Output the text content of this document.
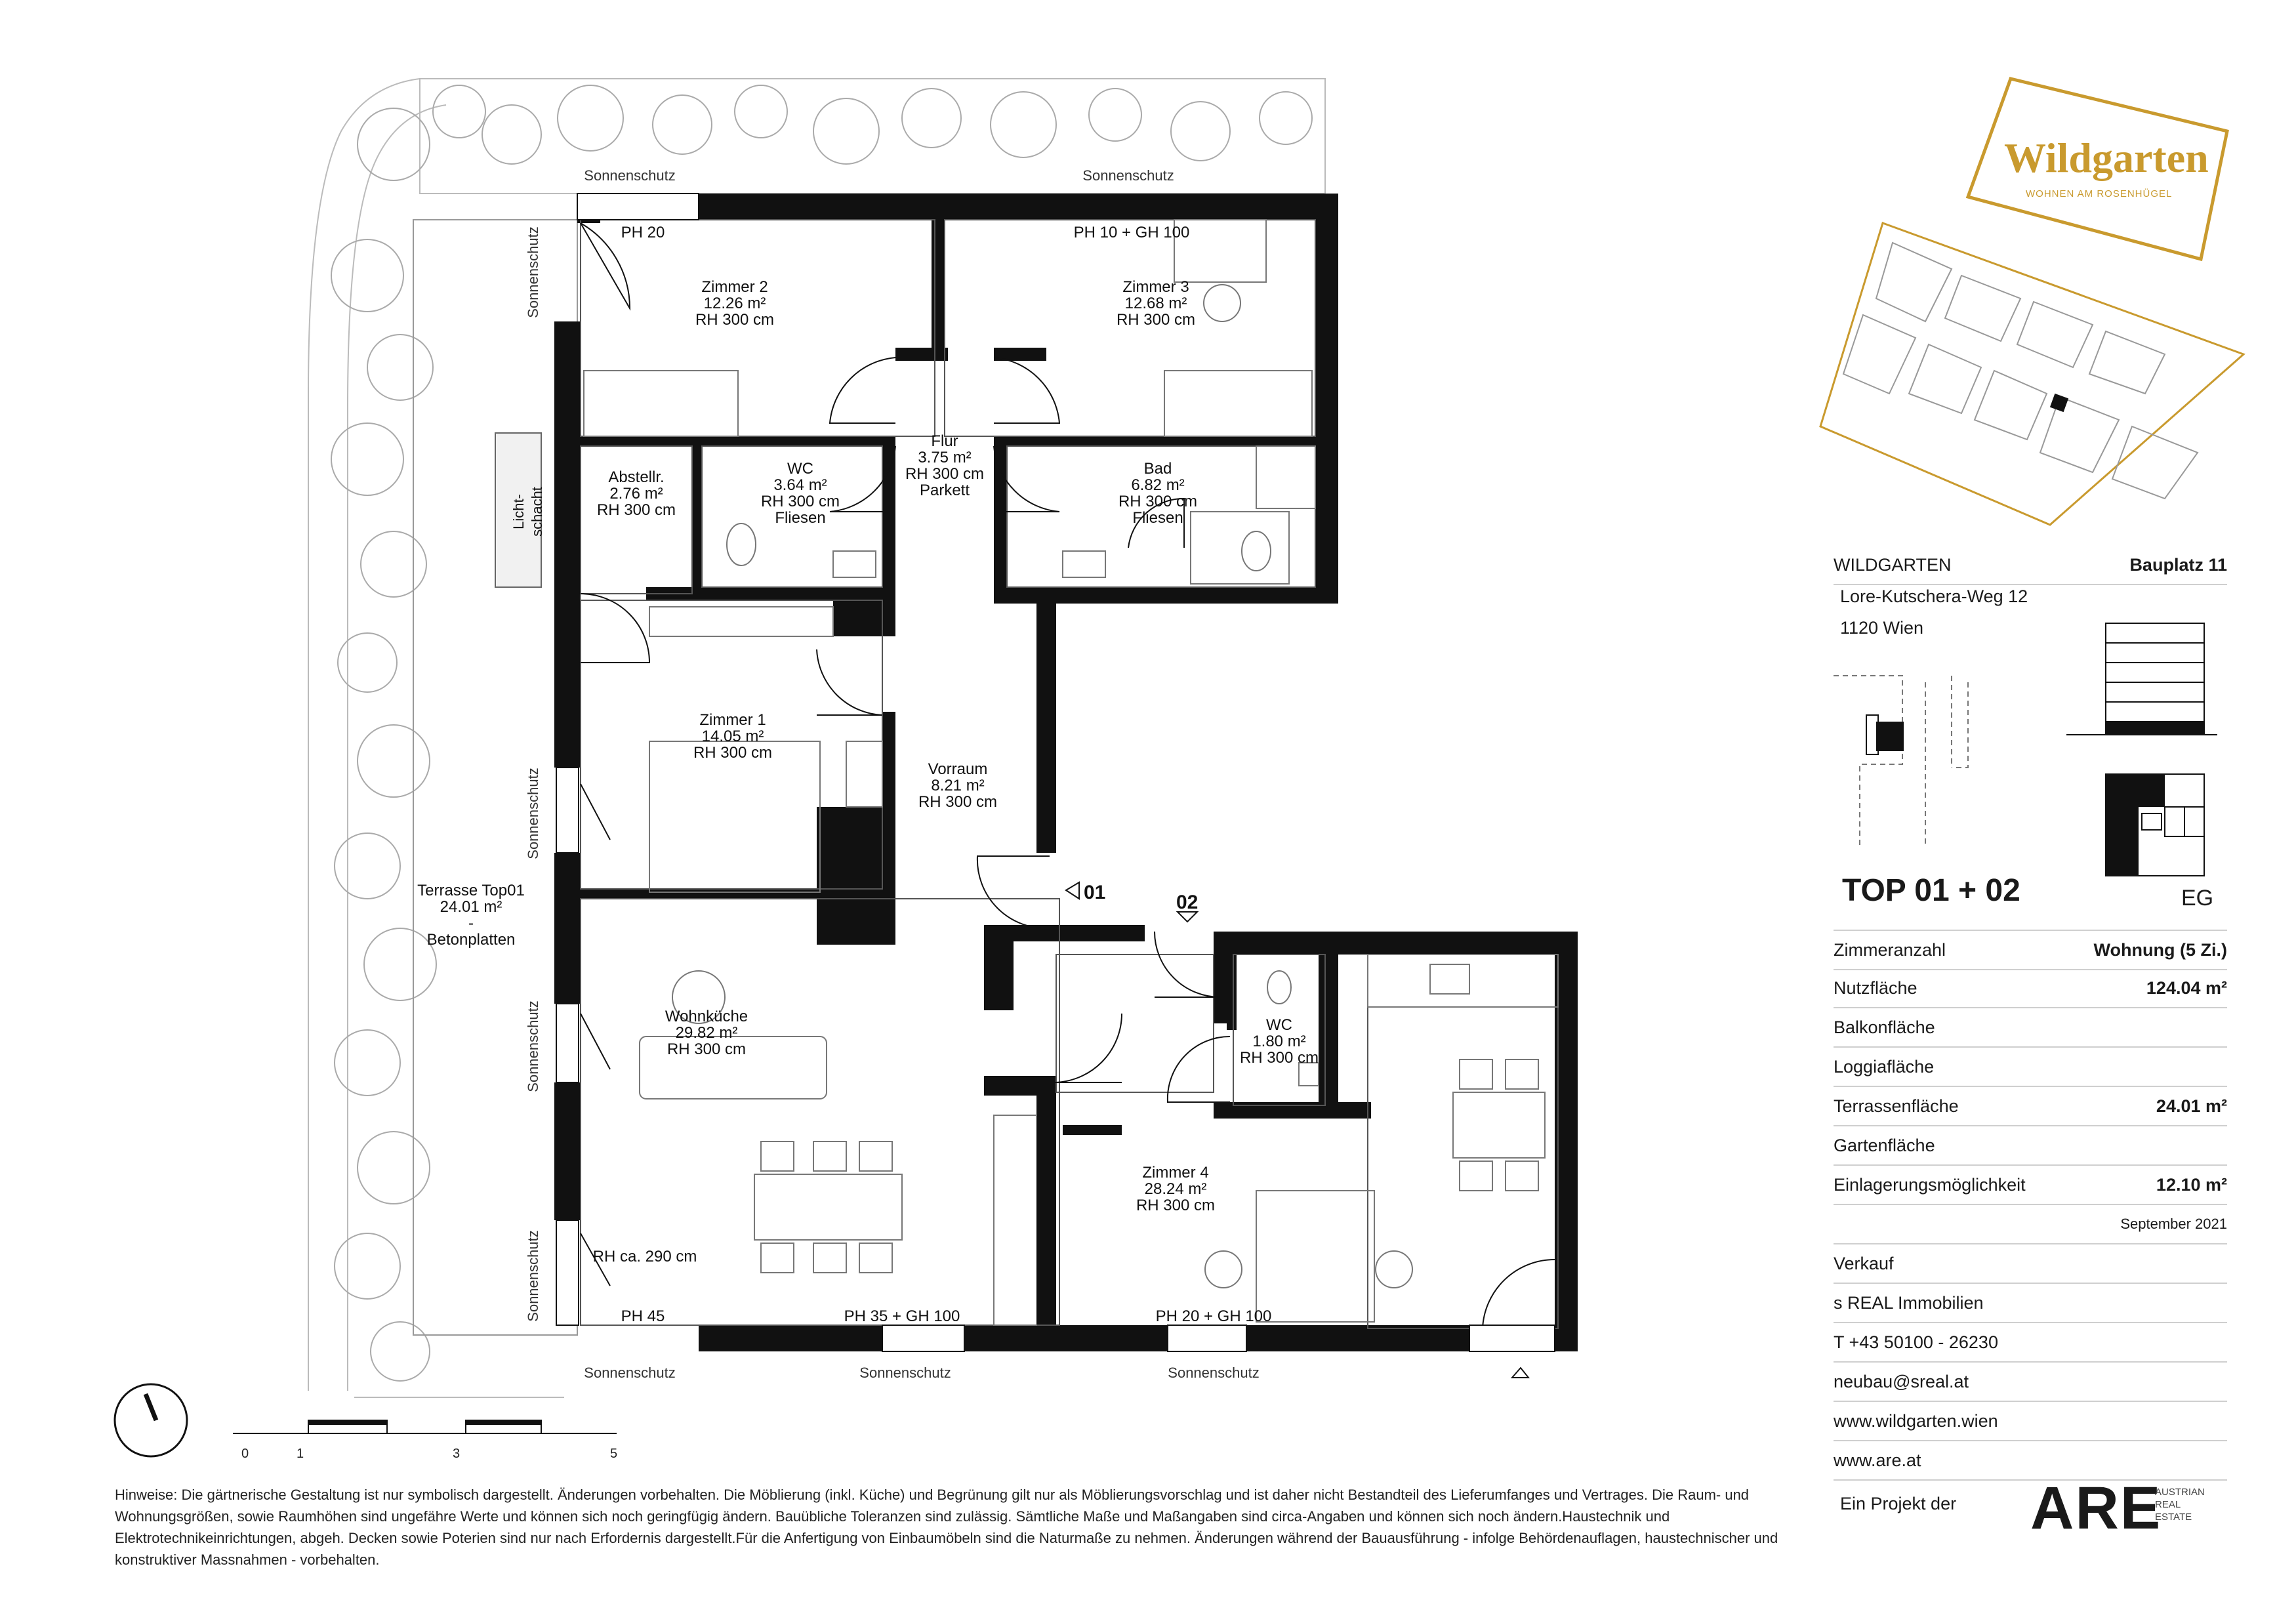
0	1	3	5
Sonnenschutz	Sonnenschutz
Sonnenschutz	Sonnenschutz	Sonnenschutz
Sonnenschutz
Sonnenschutz
Sonnenschutz
Sonnenschutz
PH 20	PH 10 + GH 100
PH 35 + GH 100	PH 20 + GH 100
PH 45
RH ca. 290 cm
Licht- schacht
01	02
Zimmer 2
12.26 m²
RH 300 cm
Zimmer 3
12.68 m²
RH 300 cm
Flur
3.75 m²
RH 300 cm
Parkett
WC
3.64 m²
RH 300 cm
Fliesen
Bad
6.82 m²
RH 300 cm
Fliesen
Abstellr.
2.76 m²
RH 300 cm
Zimmer 1
14.05 m²
RH 300 cm
Vorraum
8.21 m²
RH 300 cm
Terrasse Top01
24.01 m²
-
Betonplatten
Wohnküche
29.82 m²
RH 300 cm
WC
1.80 m²
RH 300 cm
Zimmer 4
28.24 m²
RH 300 cm
Wildgarten
WOHNEN AM ROSENHÜGEL
WILDGARTEN	Bauplatz 11
Lore-Kutschera-Weg 12
1120 Wien
TOP 01 + 02	EG
Zimmeranzahl	Wohnung (5 Zi.)
Nutzfläche	124.04 m²
Balkonfläche
Loggiafläche
Terrassenfläche	24.01 m²
Gartenfläche
Einlagerungsmöglichkeit	12.10 m²
September 2021
Verkauf
s REAL Immobilien
T +43 50100 - 26230
neubau@sreal.at
www.wildgarten.wien
www.are.at
Ein Projekt der ARE
AUSTRIAN
REAL
ESTATE
Hinweise: Die gärtnerische Gestaltung ist nur symbolisch dargestellt. Änderungen vorbehalten. Die Möblierung (inkl. Küche) und Begrünung gilt nur als Möblierungsvorschlag und ist daher nicht Bestandteil des Lieferumfanges und Vertrages. Die Raum- und Wohnungsgrößen, sowie Raumhöhen sind ungefähre Werte und können sich noch geringfügig ändern. Bauübliche Toleranzen sind zulässig. Sämtliche Maße und Maßangaben sind circa-Angaben und können sich noch ändern.Haustechnik und Elektrotechnikeinrichtungen, abgeh. Decken sowie Poterien sind nur nach Erfordernis dargestellt.Für die Anfertigung von Einbaumöbeln sind die Naturmaße zu nehmen. Änderungen während der Bauausführung - infolge Behördenauflagen, haustechnischer und konstruktiver Massnahmen - vorbehalten.
